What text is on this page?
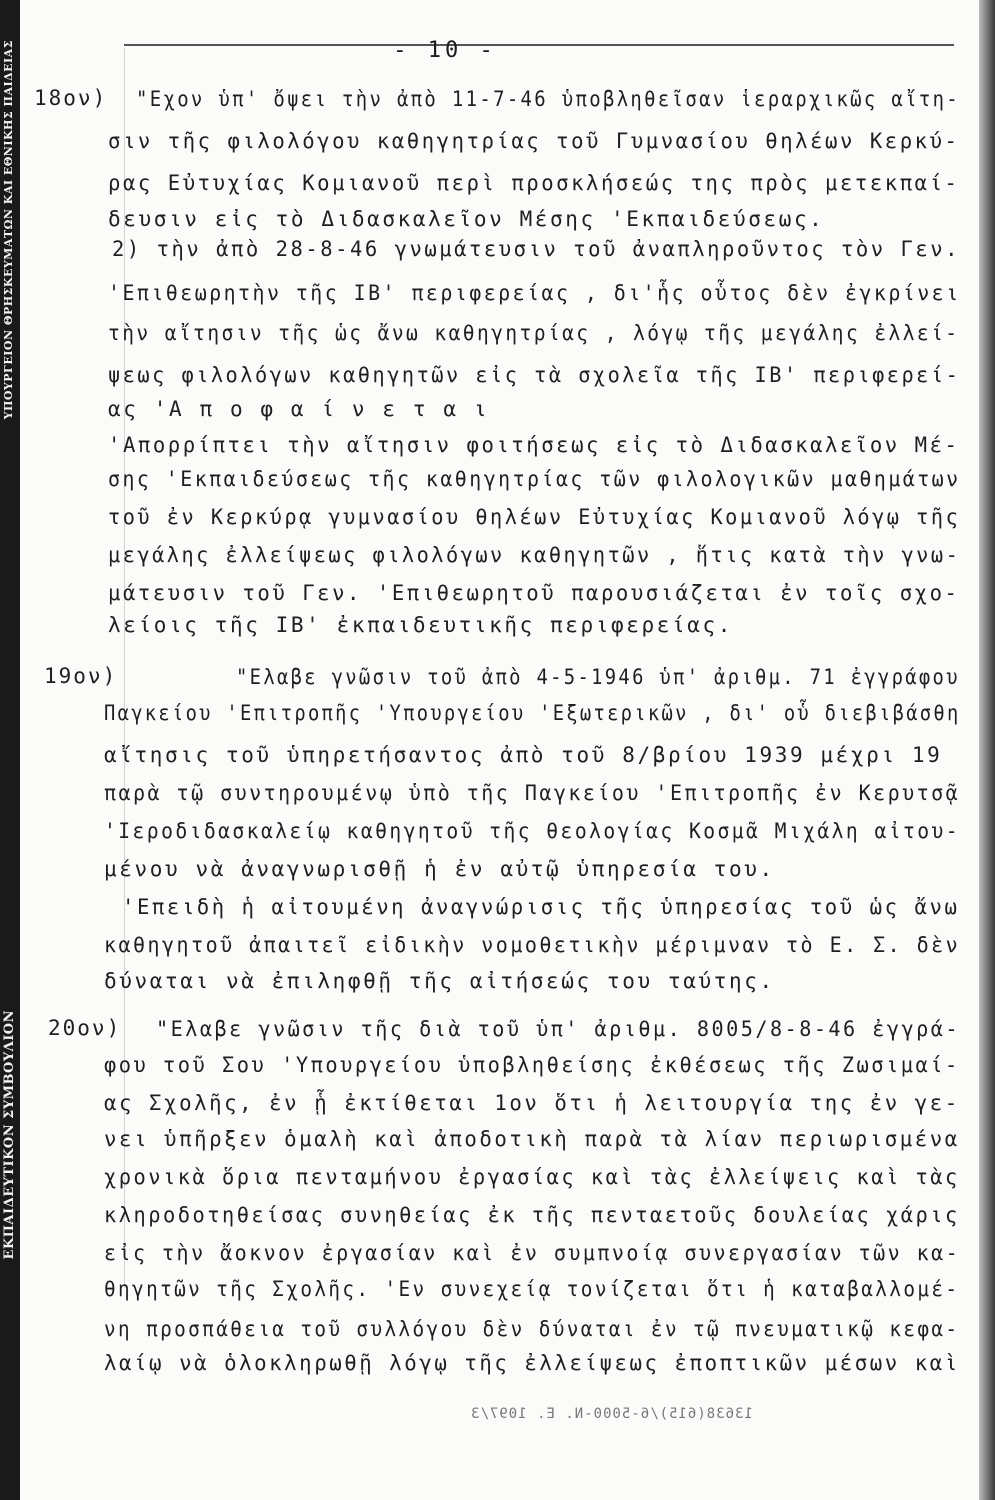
ΥΠΟΥΡΓΕΙΟΝ ΘΡΗΣΚΕΥΜΑΤΩΝ ΚΑΙ ΕΘΝΙΚΗΣ ΠΑΙΔΕΙΑΣ
ΕΚΠΑΙΔΕΥΤΙΚΟΝ ΣΥΜΒΟΥΛΙΟΝ
- 10 -
18ον) "Εχον ὑπ' ὄψει τὴν ἀπὸ 11-7-46 ὑποβληθεῖσαν ἱεραρχικῶς αἴτη-
σιν τῆς φιλολόγου καθηγητρίας τοῦ Γυμνασίου θηλέων Κερκύ-
ρας Εὐτυχίας Κομιανοῦ περὶ προσκλήσεώς της πρὸς μετεκπαί-
δευσιν εἰς τὸ Διδασκαλεῖον Μέσης 'Εκπαιδεύσεως.
2) τὴν ἀπὸ 28-8-46 γνωμάτευσιν τοῦ ἀναπληροῦντος τὸν Γεν.
'Επιθεωρητὴν τῆς ΙΒ' περιφερείας , δι'ἧς οὗτος δὲν ἐγκρίνει
τὴν αἴτησιν τῆς ὡς ἄνω καθηγητρίας , λόγῳ τῆς μεγάλης ἐλλεί-
ψεως φιλολόγων καθηγητῶν εἰς τὰ σχολεῖα τῆς ΙΒ' περιφερεί-
ας 'Α π ο φ α ί ν ε τ α ι
'Απορρίπτει τὴν αἴτησιν φοιτήσεως εἰς τὸ Διδασκαλεῖον Μέ-
σης 'Εκπαιδεύσεως τῆς καθηγητρίας τῶν φιλολογικῶν μαθημάτων
τοῦ ἐν Κερκύρᾳ γυμνασίου θηλέων Εὐτυχίας Κομιανοῦ λόγῳ τῆς
μεγάλης ἐλλείψεως φιλολόγων καθηγητῶν , ἥτις κατὰ τὴν γνω-
μάτευσιν τοῦ Γεν. 'Επιθεωρητοῦ παρουσιάζεται ἐν τοῖς σχο-
λείοις τῆς ΙΒ' ἐκπαιδευτικῆς περιφερείας.
19ον)	"Ελαβε γνῶσιν τοῦ ἀπὸ 4-5-1946 ὑπ' ἀριθμ. 71 ἐγγράφου
Παγκείου 'Επιτροπῆς 'Υπουργείου 'Εξωτερικῶν , δι' οὗ διεβιβάσθη
αἴτησις τοῦ ὑπηρετήσαντος ἀπὸ τοῦ 8/βρίου 1939 μέχρι 19
παρὰ τῷ συντηρουμένῳ ὑπὸ τῆς Παγκείου 'Επιτροπῆς ἐν Κερυτσᾷ
'Ιεροδιδασκαλείῳ καθηγητοῦ τῆς θεολογίας Κοσμᾶ Μιχάλη αἰτου-
μένου νὰ ἀναγνωρισθῇ ἡ ἐν αὐτῷ ὑπηρεσία του.
'Επειδὴ ἡ αἰτουμένη ἀναγνώρισις τῆς ὑπηρεσίας τοῦ ὡς ἄνω
καθηγητοῦ ἀπαιτεῖ εἰδικὴν νομοθετικὴν μέριμναν τὸ Ε. Σ. δὲν
δύναται νὰ ἐπιληφθῇ τῆς αἰτήσεώς του ταύτης.
20ον) "Ελαβε γνῶσιν τῆς διὰ τοῦ ὑπ' ἀριθμ. 8005/8-8-46 ἐγγρά-
φου τοῦ Σου 'Υπουργείου ὑποβληθείσης ἐκθέσεως τῆς Ζωσιμαί-
ας Σχολῆς, ἐν ᾗ ἐκτίθεται 1ον ὅτι ἡ λειτουργία της ἐν γε-
νει ὑπῆρξεν ὁμαλὴ καὶ ἀποδοτικὴ παρὰ τὰ λίαν περιωρισμένα
χρονικὰ ὅρια πενταμήνου ἐργασίας καὶ τὰς ἐλλείψεις καὶ τὰς
κληροδοτηθείσας συνηθείας ἐκ τῆς πενταετοῦς δουλείας χάρις
εἰς τὴν ἄοκνον ἐργασίαν καὶ ἐν συμπνοίᾳ συνεργασίαν τῶν κα-
θηγητῶν τῆς Σχολῆς. 'Εν συνεχείᾳ τονίζεται ὅτι ἡ καταβαλλομέ-
νη προσπάθεια τοῦ συλλόγου δὲν δύναται ἐν τῷ πνευματικῷ κεφα-
λαίῳ νὰ ὁλοκληρωθῇ λόγῳ τῆς ἐλλείψεως ἐποπτικῶν μέσων καὶ
13638(615)/6-5000-Ν. Ε. 1097/3
